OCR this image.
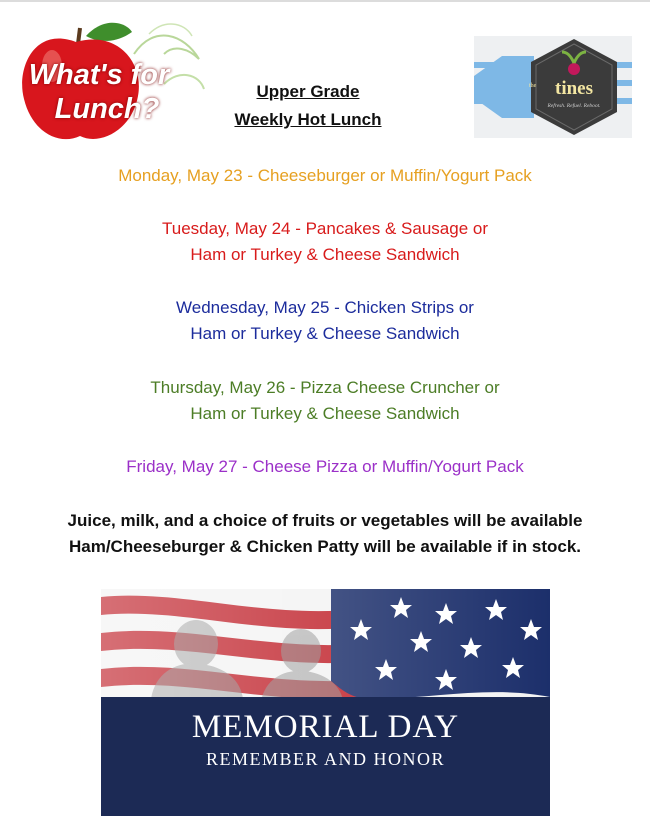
What's for
Lunch?
Upper Grade
Weekly Hot Lunch
tines
the
Refresh. Refuel. Reboot.
Monday, May 23 - Cheeseburger or Muffin/Yogurt Pack
Tuesday, May 24 - Pancakes & Sausage or
Ham or Turkey & Cheese Sandwich
Wednesday, May 25 - Chicken Strips or
Ham or Turkey & Cheese Sandwich
Thursday, May 26 - Pizza Cheese Cruncher or
Ham or Turkey & Cheese Sandwich
Friday, May 27 - Cheese Pizza or Muffin/Yogurt Pack
Juice, milk, and a choice of fruits or vegetables will be available
Ham/Cheeseburger & Chicken Patty will be available if in stock.
MEMORIAL DAY
REMEMBER AND HONOR
